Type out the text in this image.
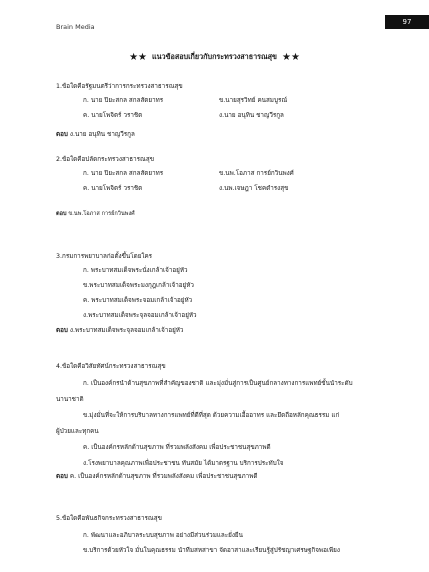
Brain Media
97
★★ แนวข้อสอบเกี่ยวกับกระทรวงสาธารณสุข ★★
1.ข้อใดคือรัฐมนตรีว่าการกระทรวงสาธารณสุข
ก. นาย ปิยะสกล สกลสัตยาทร	ข.นายสุรวิทย์ คนสมบูรณ์
ค. นายโพจิตร์ วราชิต	ง.นาย อนุทิน ชาญวีรกูล
ตอบ ง.นาย อนุทิน ชาญวีรกูล
2.ข้อใดคือปลัดกระทรวงสาธารณสุข
ก. นาย ปิยะสกล สกลสัตยาทร	ข.นพ.โอภาส การย์กวินพงศ์
ค. นายโพจิตร์ วราชิต	ง.นพ.เจษฎา โชคดำรงสุข
ตอบ ข.นพ.โอภาส การย์กวินพงศ์
3.กรมการพยาบาลก่อตั้งขึ้นโดยใคร
ก. พระบาทสมเด็จพระนั่งเกล้าเจ้าอยู่หัว
ข.พระบาทสมเด็จพระมงกุฎเกล้าเจ้าอยู่หัว
ค. พระบาทสมเด็จพระจอมเกล้าเจ้าอยู่หัว
ง.พระบาทสมเด็จพระจุลจอมเกล้าเจ้าอยู่หัว
ตอบ ง.พระบาทสมเด็จพระจุลจอมเกล้าเจ้าอยู่หัว
4.ข้อใดคือวิสัยทัศน์กระทรวงสาธารณสุข
ก. เป็นองค์กรนำด้านสุขภาพที่สำคัญของชาติ และมุ่งมั่นสู่การเป็นศูนย์กลางทางการแพทย์ขั้นนำระดับ
นานาชาติ
ข.มุ่งมั่นที่จะให้การบริบาลทางการแพทย์ที่ดีที่สุด ด้วยความเอื้ออาทร และยึดถือหลักคุณธรรม แก่
ผู้ป่วยและทุกคน
ค. เป็นองค์กรหลักด้านสุขภาพ ที่รวมพลังสังคม เพื่อประชาชนสุขภาพดี
ง.โรงพยาบาลคุณภาพเพื่อประชาชน ทันสมัย ได้มาตรฐาน บริการประทับใจ
ตอบ ค. เป็นองค์กรหลักด้านสุขภาพ ที่รวมพลังสังคม เพื่อประชาชนสุขภาพดี
5.ข้อใดคือพันธกิจกระทรวงสาธารณสุข
ก. พัฒนาและอภิบาลระบบสุขภาพ อย่างมีส่วนร่วมและยั่งยืน
ข.บริการด้วยหัวใจ มั่นในคุณธรรม นำทีมสหสาขา จัดอาสาและเรียนรู้สู่ปรัชญาเศรษฐกิจพอเพียง
